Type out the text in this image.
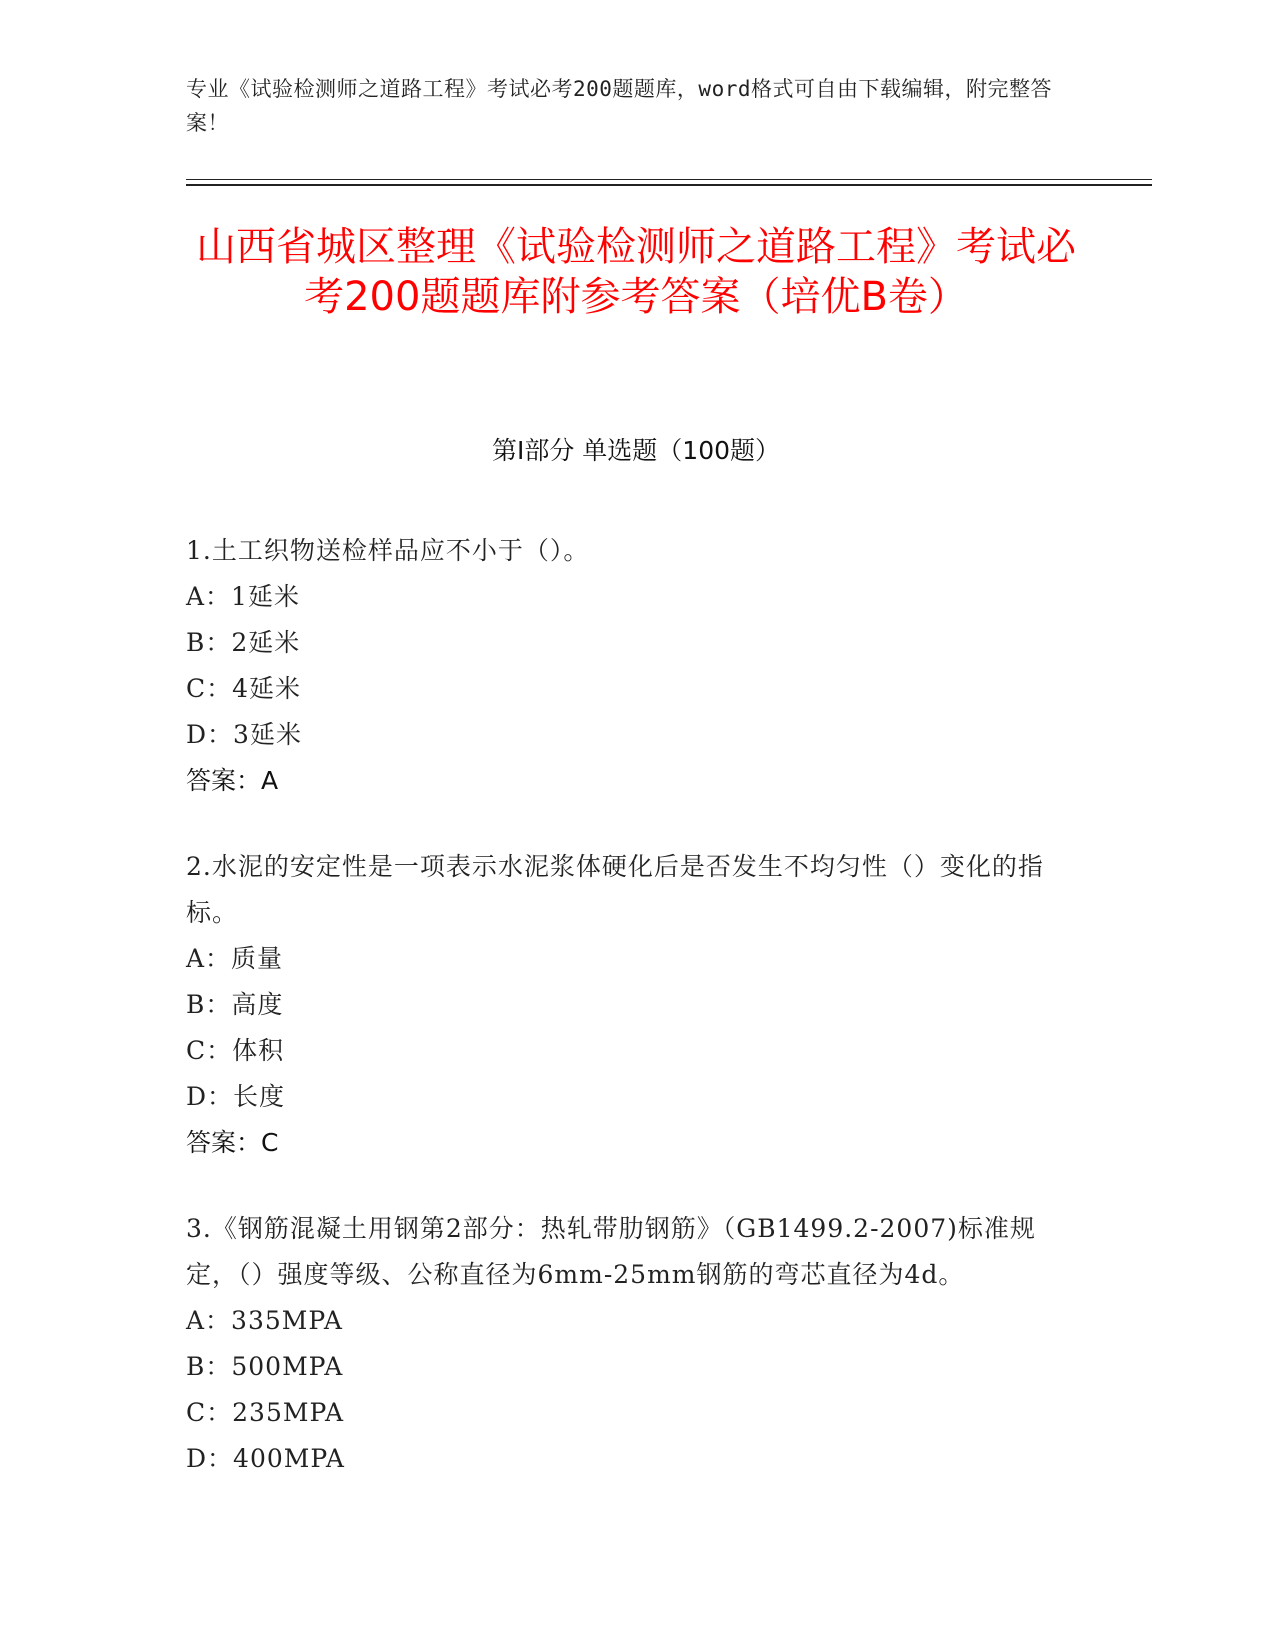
专业《试验检测师之道路工程》考试必考200题题库，word格式可自由下载编辑，附完整答案！
山西省城区整理《试验检测师之道路工程》考试必考200题题库附参考答案（培优B卷）
第I部分 单选题（100题）
1.土工织物送检样品应不小于（）。
A：1延米
B：2延米
C：4延米
D：3延米
答案：A
2.水泥的安定性是一项表示水泥浆体硬化后是否发生不均匀性（）变化的指标。
A：质量
B：高度
C：体积
D：长度
答案：C
3.《钢筋混凝土用钢第2部分：热轧带肋钢筋》（GB1499.2-2007)标准规定，（）强度等级、公称直径为6mm-25mm钢筋的弯芯直径为4d。
A：335MPA
B：500MPA
C：235MPA
D：400MPA
